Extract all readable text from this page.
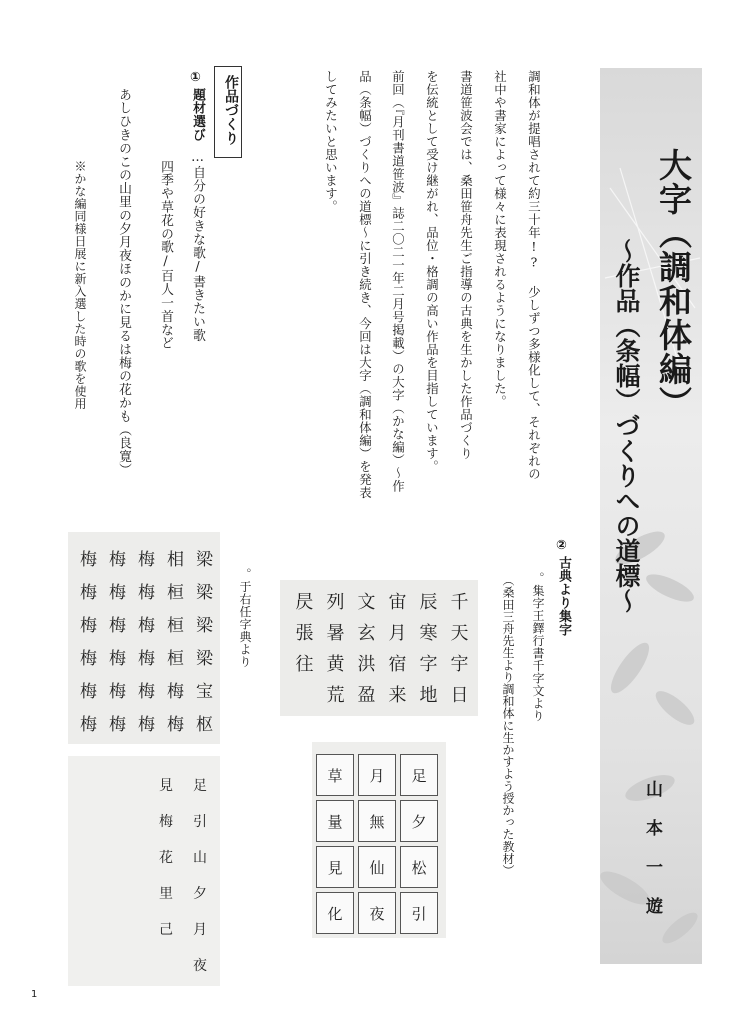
大字︵調和体編︶
〜作品︵条幅︶づくりへの道標〜
山本一遊
調和体が提唱されて約三十年!? 少しずつ多様化して、それぞれの
社中や書家によって様々に表現されるようになりました。
書道笹波会では、桑田笹舟先生ご指導の古典を生かした作品づくり
を伝統として受け継がれ、品位・格調の高い作品を目指しています。
前回︵『月刊書道笹波』誌二〇二一年二月号掲載︶の大字︵かな編︶〜作
品︵条幅︶づくりへの道標〜に引き続き、今回は大字︵調和体編︶を発表
してみたいと思います。
作品づくり
①
題材選び
…自分の好きな歌/書きたい歌
四季や草花の歌/百人一首など
あしひきのこの山里の夕月夜ほのかに見るは梅の花かも︵良寛︶
※かな編同様日展に新入選した時の歌を使用
②
古典より集字
。集字王鐸行書千字文より
︵桑田三舟先生より調和体に生かすよう授かった教材︶
。于右任字典より	千
天
宇
日
辰
寒
字
地
宙
月
宿
来
文
玄
洪
盈
列
暑
黄
荒
昃
張
往
足
夕
松
引
月
無
仙
夜
草
量
見
化
梁
梁
梁
梁
宝
枢
相
桓
桓
桓
梅
梅
梅
梅
梅
梅
梅
梅
梅
梅
梅
梅
梅
梅
梅
梅
梅
梅
梅
梅
足
引
山
夕
月
夜
見
梅
花
里
己
1
